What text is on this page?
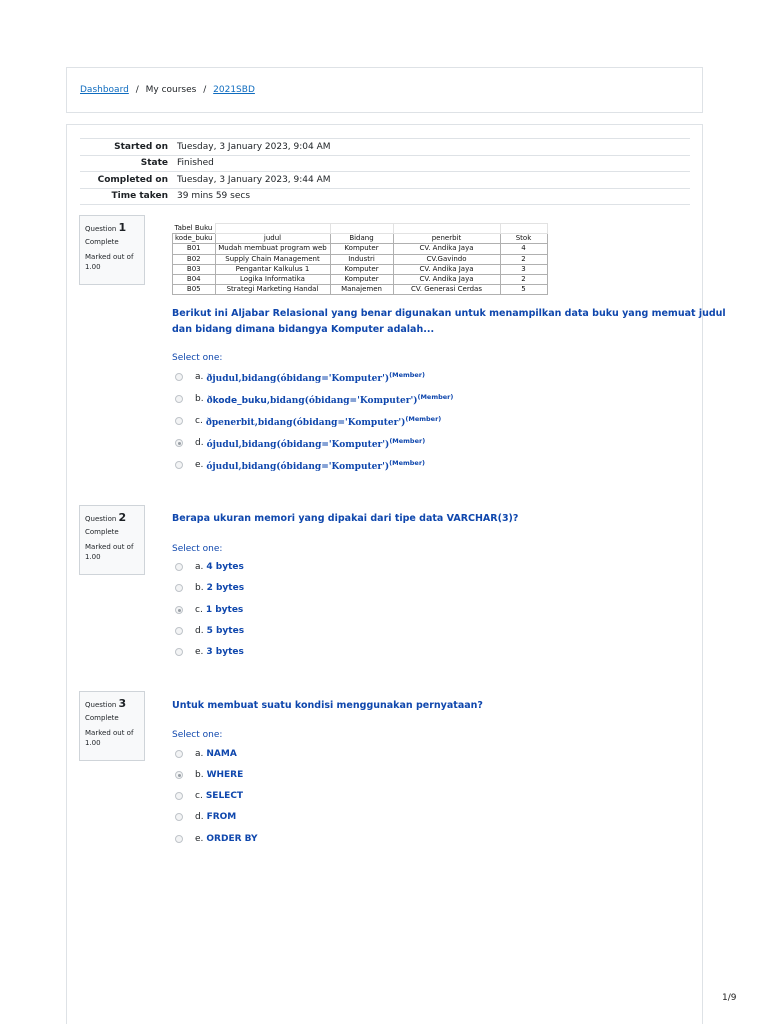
Dashboard / My courses / 2021SBD
Started on	Tuesday, 3 January 2023, 9:04 AM
State	Finished
Completed on	Tuesday, 3 January 2023, 9:44 AM
Time taken	39 mins 59 secs
Question 1
Complete
Marked out of
1.00
Tabel Buku				
kode_buku	judul	Bidang	penerbit	Stok
B01	Mudah membuat program web	Komputer	CV. Andika Jaya	4
B02	Supply Chain Management	Industri	CV.Gavindo	2
B03	Pengantar Kalkulus 1	Komputer	CV. Andika Jaya	3
B04	Logika Informatika	Komputer	CV. Andika Jaya	2
B05	Strategi Marketing Handal	Manajemen	CV. Generasi Cerdas	5
Berikut ini Aljabar Relasional yang benar digunakan untuk menampilkan data buku yang memuat judul
dan bidang dimana bidangya Komputer adalah...
Select one:
a. ðjudul,bidang(óbidang='Komputer')$^{(Member)}$
b. ðkode_buku,bidang(óbidang='Komputer')$^{(Member)}$
c. ðpenerbit,bidang(óbidang='Komputer')$^{(Member)}$
d. ójudul,bidang(óbidang='Komputer')$^{(Member)}$
e. ójudul,bidang(óbidang='Komputer')$^{(Member)}$
Question 2
Complete
Marked out of
1.00
Berapa ukuran memori yang dipakai dari tipe data VARCHAR(3)?
Select one:
a. 4 bytes
b. 2 bytes
c. 1 bytes
d. 5 bytes
e. 3 bytes
Question 3
Complete
Marked out of
1.00
Untuk membuat suatu kondisi menggunakan pernyataan?
Select one:
a. NAMA
b. WHERE
c. SELECT
d. FROM
e. ORDER BY
1/9
